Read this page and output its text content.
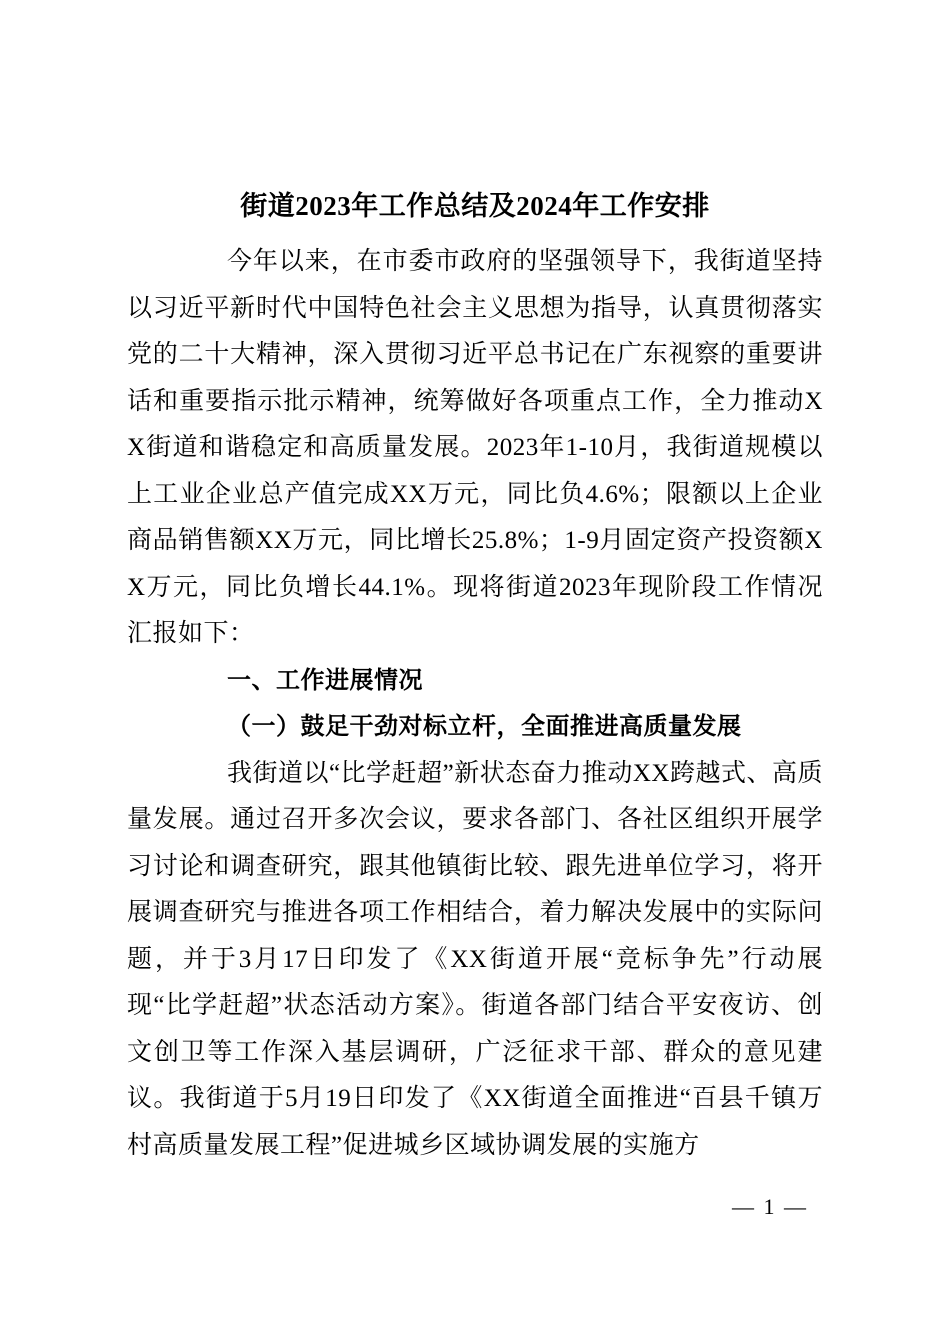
街道2023年工作总结及2024年工作安排

今年以来，在市委市政府的坚强领导下，我街道坚持以习近平新时代中国特色社会主义思想为指导，认真贯彻落实党的二十大精神，深入贯彻习近平总书记在广东视察的重要讲话和重要指示批示精神，统筹做好各项重点工作，全力推动XX街道和谐稳定和高质量发展。2023年1-10月，我街道规模以上工业企业总产值完成XX万元，同比负4.6%；限额以上企业商品销售额XX万元，同比增长25.8%；1-9月固定资产投资额XX万元，同比负增长44.1%。现将街道2023年现阶段工作情况汇报如下：

一、工作进展情况

（一）鼓足干劲对标立杆，全面推进高质量发展

我街道以“比学赶超”新状态奋力推动XX跨越式、高质量发展。通过召开多次会议，要求各部门、各社区组织开展学习讨论和调查研究，跟其他镇街比较、跟先进单位学习，将开展调查研究与推进各项工作相结合，着力解决发展中的实际问题，并于3月17日印发了《XX街道开展“竞标争先”行动展现“比学赶超”状态活动方案》。街道各部门结合平安夜访、创文创卫等工作深入基层调研，广泛征求干部、群众的意见建议。我街道于5月19日印发了《XX街道全面推进“百县千镇万村高质量发展工程”促进城乡区域协调发展的实施方

— 1 —
